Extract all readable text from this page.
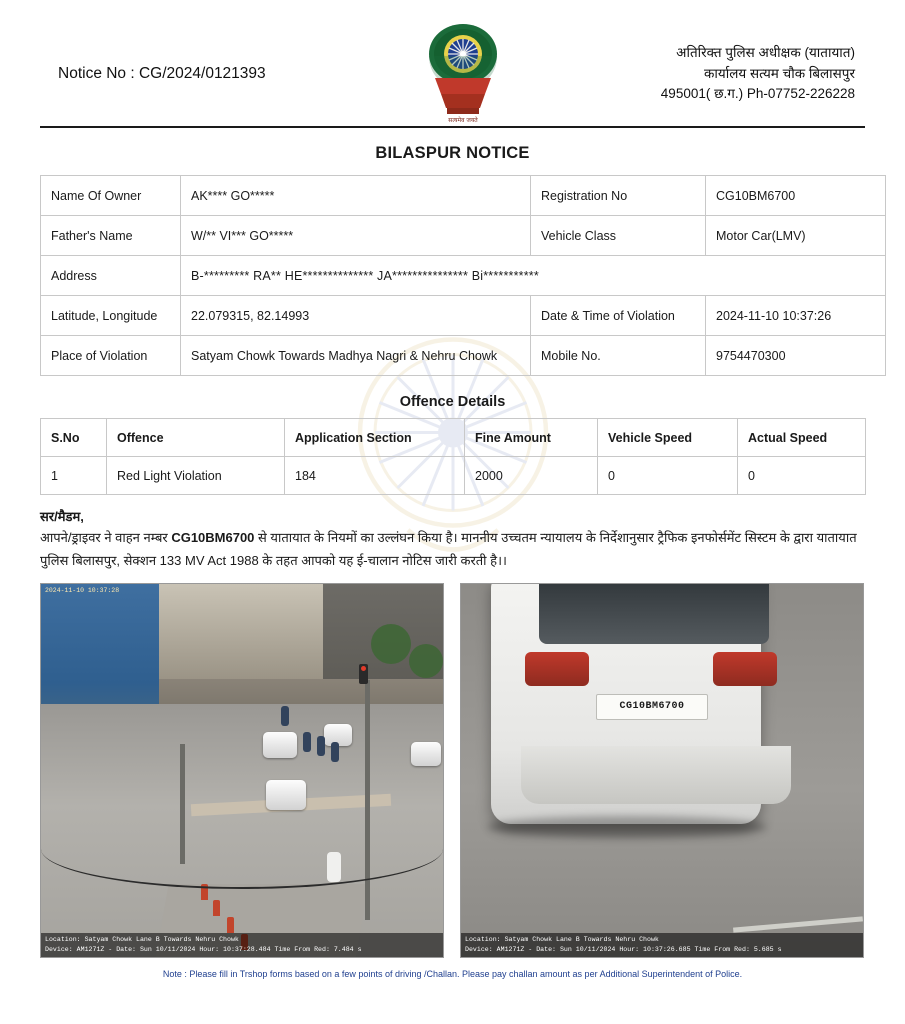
Notice No : CG/2024/0121393
सत्यमेव जयते
अतिरिक्त पुलिस अधीक्षक (यातायात)
कार्यालय सत्यम चौक बिलासपुर
495001( छ.ग.) Ph-07752-226228
BILASPUR NOTICE
Name Of Owner	AK**** GO*****	Registration No	CG10BM6700
Father's Name	W/** VI*** GO*****	Vehicle Class	Motor Car(LMV)
Address	B-********* RA** HE************** JA*************** Bi***********		
Latitude, Longitude	22.079315, 82.14993	Date & Time of Violation	2024-11-10 10:37:26
Place of Violation	Satyam Chowk Towards Madhya Nagri & Nehru Chowk	Mobile No.	9754470300
Offence Details
S.No	Offence	Application Section	Fine Amount	Vehicle Speed	Actual Speed
1	Red Light Violation	184	2000	0	0
सर/मैडम,

आपने/ड्राइवर ने वाहन नम्बर CG10BM6700 से यातायात के नियमों का उल्लंघन किया है। माननीय उच्चतम न्यायालय के निर्देशानुसार ट्रैफिक इनफोर्समेंट सिस्टम के द्वारा यातायात पुलिस बिलासपुर, सेक्शन 133 MV Act 1988 के तहत आपको यह ई-चालान नोटिस जारी करती है।।

2024-11-10 10:37:28
Location: Satyam Chowk Lane B Towards Nehru Chowk
Device: AM1271Z - Date: Sun 10/11/2024 Hour: 10:37:28.484 Time From Red: 7.484 s
CG10BM6700
Location: Satyam Chowk Lane B Towards Nehru Chowk
Device: AM1271Z - Date: Sun 10/11/2024 Hour: 10:37:26.685 Time From Red: 5.685 s
Note : Please fill in Trshop forms based on a few points of driving /Challan. Please pay challan amount as per Additional Superintendent of Police.
